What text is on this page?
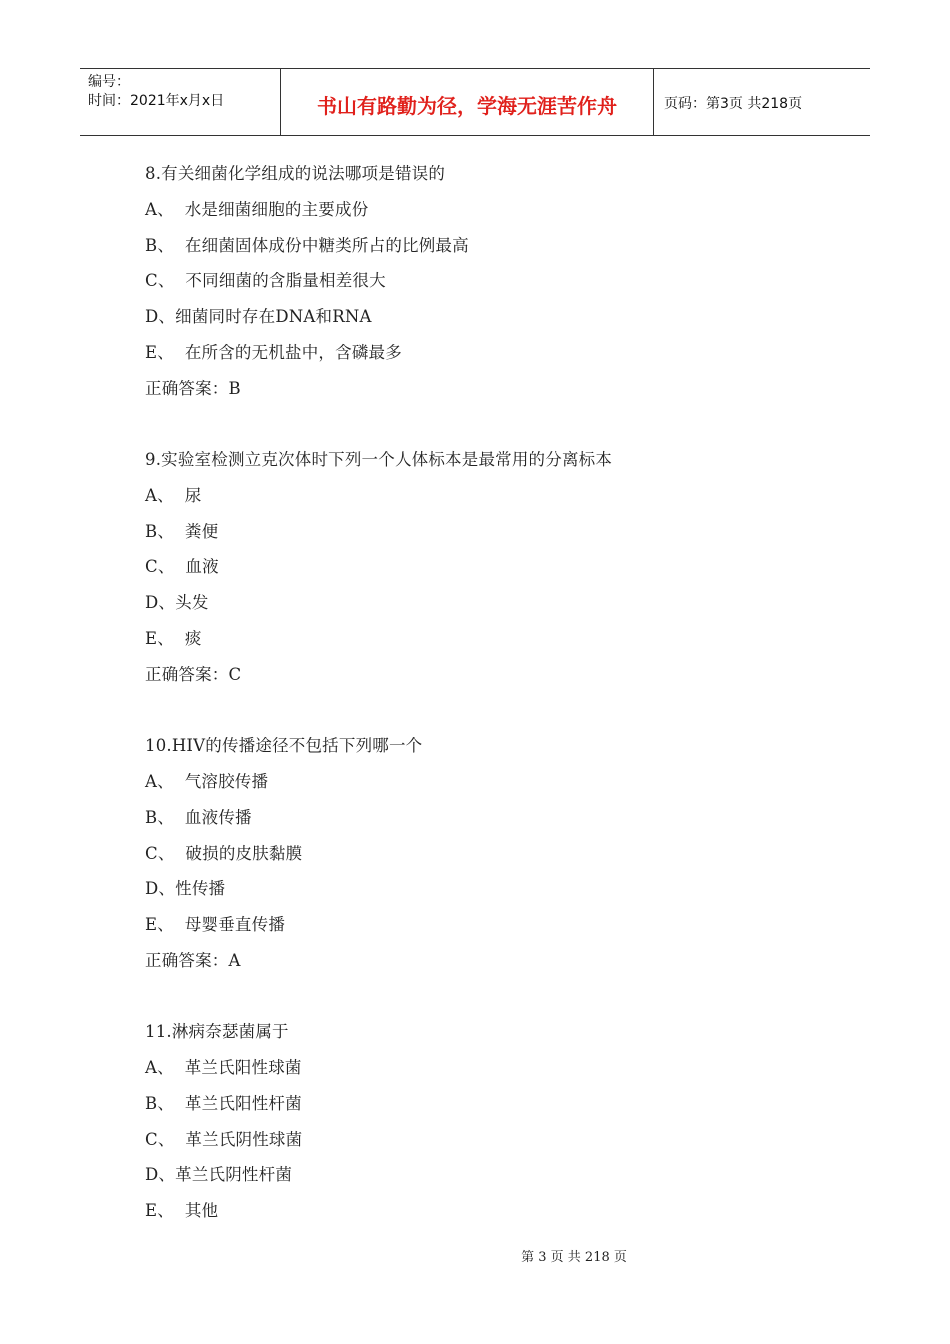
编号：
时间：2021年x月x日	书山有路勤为径，学海无涯苦作舟	页码：第3页 共218页
8.有关细菌化学组成的说法哪项是错误的
A、  水是细菌细胞的主要成份
B、  在细菌固体成份中糖类所占的比例最高
C、  不同细菌的含脂量相差很大
D、细菌同时存在DNA和RNA
E、  在所含的无机盐中，含磷最多
正确答案：B
9.实验室检测立克次体时下列一个人体标本是最常用的分离标本
A、  尿
B、  粪便
C、  血液
D、头发
E、  痰
正确答案：C
10.HIV的传播途径不包括下列哪一个
A、  气溶胶传播
B、  血液传播
C、  破损的皮肤黏膜
D、性传播
E、  母婴垂直传播
正确答案：A
11.淋病奈瑟菌属于
A、  革兰氏阳性球菌
B、  革兰氏阳性杆菌
C、  革兰氏阴性球菌
D、革兰氏阴性杆菌
E、  其他
第 3 页 共 218 页
